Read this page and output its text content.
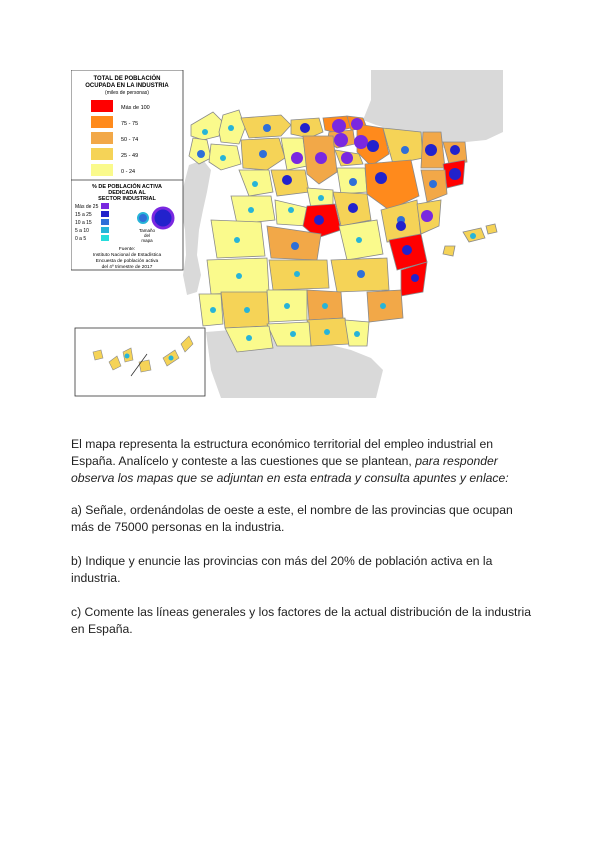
TOTAL DE POBLACIÓN
OCUPADA EN LA INDUSTRIA
(miles de personas)
Más de 100
75 - 75
50 - 74
25 - 49
0 - 24
% DE POBLACIÓN ACTIVA
DEDICADA AL
SECTOR INDUSTRIAL
Más de 25
15 a 25
10 a 15
5 a 10
0 a 5
Tamaño
del
mapa
Fuente:
Instituto Nacional de Estadística
Encuesta de población activa
del 4º trimestre de 2017

El mapa representa la estructura económico territorial del empleo industrial en España. Analícelo y conteste a las cuestiones que se plantean, para responder observa los mapas que se adjuntan en esta entrada y consulta apuntes y enlace:

a) Señale, ordenándolas de oeste a este, el nombre de las provincias que ocupan más de 75000 personas en la industria.

b) Indique y enuncie las provincias con más del 20% de población activa en la industria.

c) Comente las líneas generales y los factores de la actual distribución de la industria en España.
